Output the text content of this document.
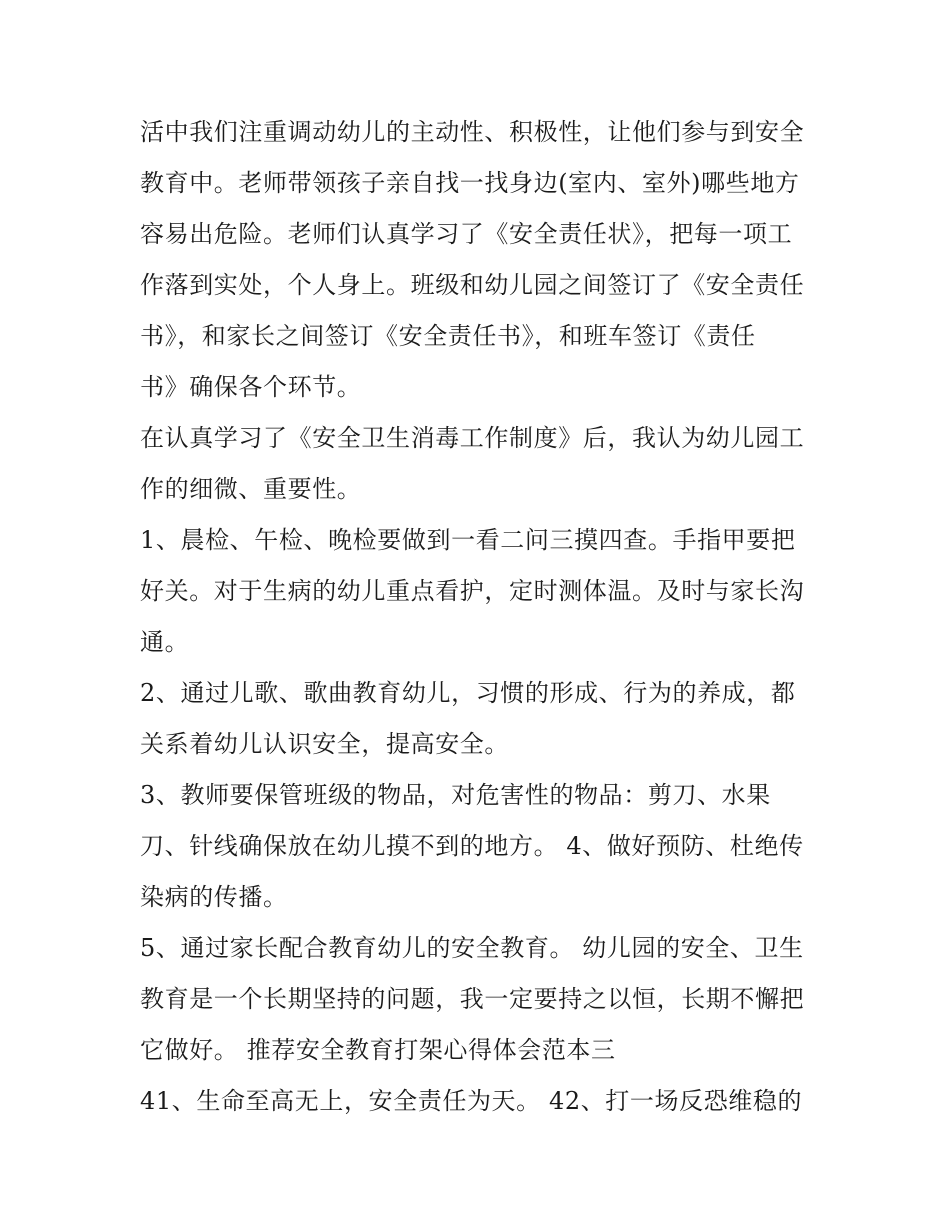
活中我们注重调动幼儿的主动性、积极性，让他们参与到安全
教育中。老师带领孩子亲自找一找身边(室内、室外)哪些地方
容易出危险。老师们认真学习了《安全责任状》，把每一项工
作落到实处，个人身上。班级和幼儿园之间签订了《安全责任
书》，和家长之间签订《安全责任书》，和班车签订《责任
书》确保各个环节。
在认真学习了《安全卫生消毒工作制度》后，我认为幼儿园工
作的细微、重要性。
1、晨检、午检、晚检要做到一看二问三摸四查。手指甲要把
好关。对于生病的幼儿重点看护，定时测体温。及时与家长沟
通。
2、通过儿歌、歌曲教育幼儿，习惯的形成、行为的养成，都
关系着幼儿认识安全，提高安全。
3、教师要保管班级的物品，对危害性的物品：剪刀、水果
刀、针线确保放在幼儿摸不到的地方。 4、做好预防、杜绝传
染病的传播。
5、通过家长配合教育幼儿的安全教育。 幼儿园的安全、卫生
教育是一个长期坚持的问题，我一定要持之以恒，长期不懈把
它做好。 推荐安全教育打架心得体会范本三
41、生命至高无上，安全责任为天。 42、打一场反恐维稳的
